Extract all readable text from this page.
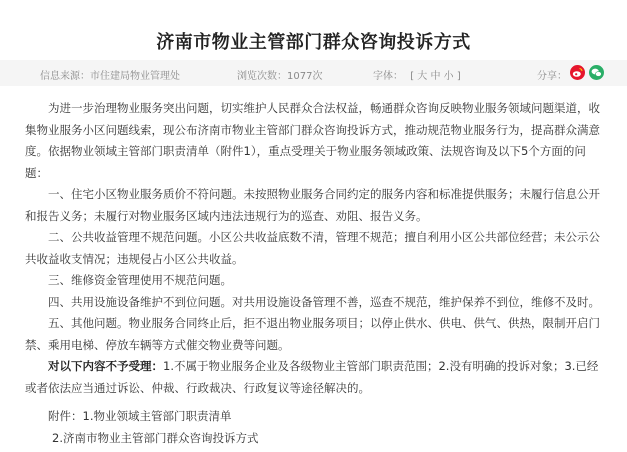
济南市物业主管部门群众咨询投诉方式
信息来源：市住建局物业管理处	浏览次数：1077次	字体： [ 大 中 小 ]	分享：

为进一步治理物业服务突出问题，切实维护人民群众合法权益，畅通群众咨询反映物业服务领域问题渠道，收集物业服务小区问题线索，现公布济南市物业主管部门群众咨询投诉方式，推动规范物业服务行为，提高群众满意度。依据物业领域主管部门职责清单（附件1），重点受理关于物业服务领域政策、法规咨询及以下5个方面的问题：

一、住宅小区物业服务质价不符问题。未按照物业服务合同约定的服务内容和标准提供服务；未履行信息公开和报告义务；未履行对物业服务区域内违法违规行为的巡查、劝阻、报告义务。

二、公共收益管理不规范问题。小区公共收益底数不清，管理不规范；擅自利用小区公共部位经营；未公示公共收益收支情况；违规侵占小区公共收益。

三、维修资金管理使用不规范问题。

四、共用设施设备维护不到位问题。对共用设施设备管理不善，巡查不规范，维护保养不到位，维修不及时。

五、其他问题。物业服务合同终止后，拒不退出物业服务项目；以停止供水、供电、供气、供热，限制开启门禁、乘用电梯、停放车辆等方式催交物业费等问题。

对以下内容不予受理：1.不属于物业服务企业及各级物业主管部门职责范围；2.没有明确的投诉对象；3.已经或者依法应当通过诉讼、仲裁、行政裁决、行政复议等途径解决的。

附件：1.物业领域主管部门职责清单
2.济南市物业主管部门群众咨询投诉方式
